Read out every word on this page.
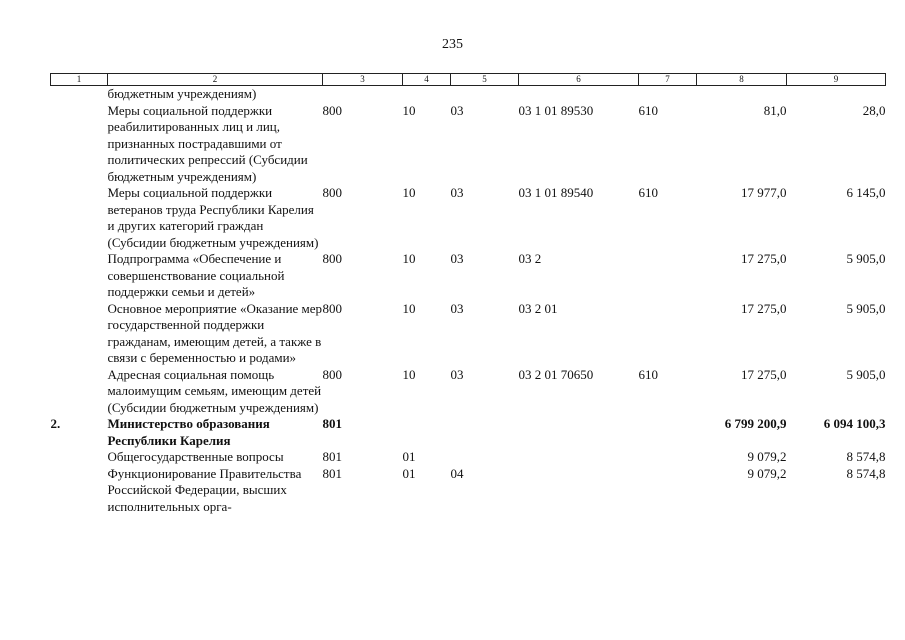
235
1	2	3	4	5	6	7	8	9
	бюджетным учреждениям)							
	Меры социальной поддержки реабилитированных лиц и лиц, признанных пострадавшими от политических репрессий (Субсидии бюджетным учреждениям)	800	10	03	03 1 01 89530	610	81,0	28,0
	Меры социальной поддержки ветеранов труда Республики Карелия и других категорий граждан (Субсидии бюджетным учреждениям)	800	10	03	03 1 01 89540	610	17 977,0	6 145,0
	Подпрограмма «Обеспечение и совершенствование социальной поддержки семьи и детей»	800	10	03	03 2		17 275,0	5 905,0
	Основное мероприятие «Оказание мер государственной поддержки гражданам, имеющим детей, а также в связи с беременностью и родами»	800	10	03	03 2 01		17 275,0	5 905,0
	Адресная социальная помощь малоимущим семьям, имеющим детей (Субсидии бюджетным учреждениям)	800	10	03	03 2 01 70650	610	17 275,0	5 905,0
2.	Министерство образования Республики Карелия	801					6 799 200,9	6 094 100,3
	Общегосударственные вопросы	801	01				9 079,2	8 574,8
	Функционирование Правительства Российской Федерации, высших исполнительных орга-	801	01	04			9 079,2	8 574,8
